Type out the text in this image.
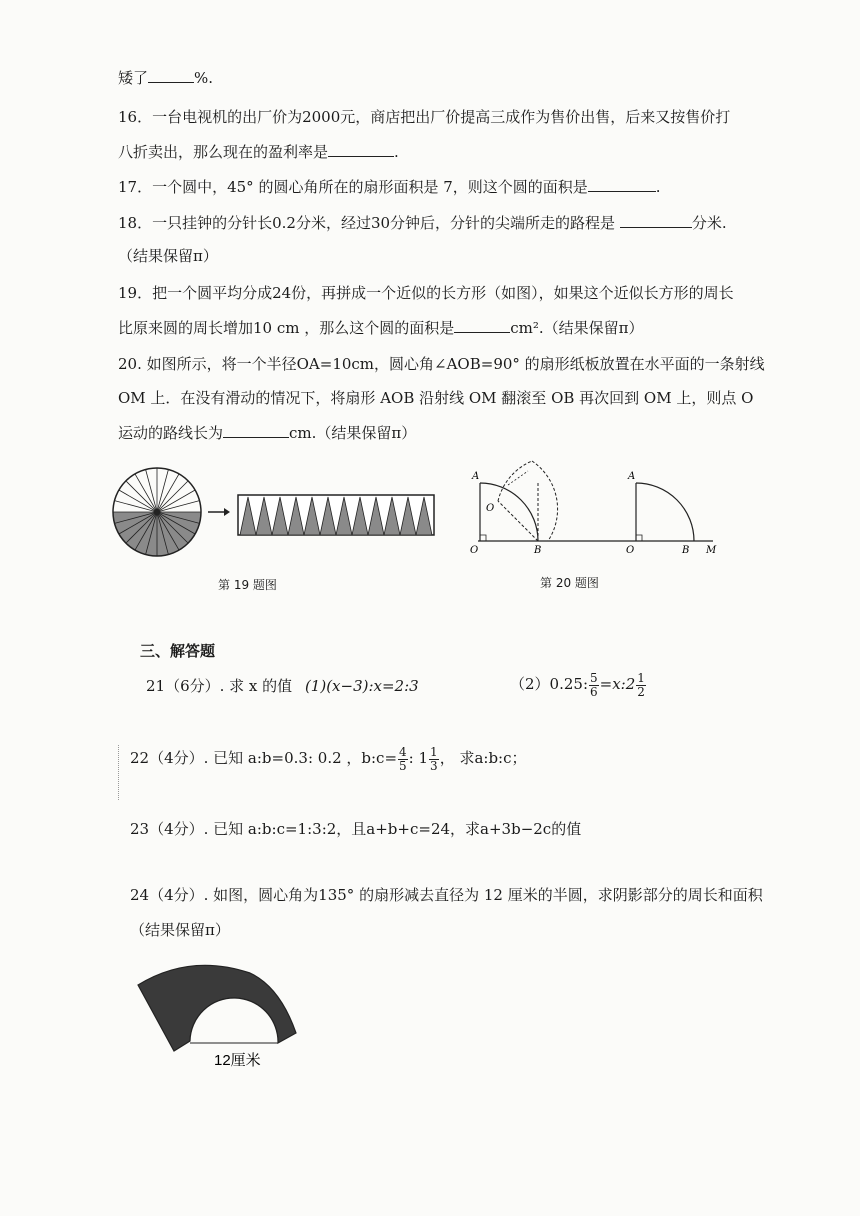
矮了	%.
16．一台电视机的出厂价为2000元，商店把出厂价提高三成作为售价出售，后来又按售价打
八折卖出，那么现在的盈利率是	.
17．一个圆中，45° 的圆心角所在的扇形面积是 7，则这个圆的面积是	.
18．一只挂钟的分针长0.2分米，经过30分钟后，分针的尖端所走的路程是	分米.
（结果保留π）
19．把一个圆平均分成24份，再拼成一个近似的长方形（如图），如果这个近似长方形的周长
比原来圆的周长增加10 cm ，那么这个圆的面积是	cm².（结果保留π）
20. 如图所示，将一个半径OA=10cm，圆心角∠AOB=90° 的扇形纸板放置在水平面的一条射线
OM 上．在没有滑动的情况下，将扇形 AOB 沿射线 OM 翻滚至 OB 再次回到 OM 上，则点 O
运动的路线长为	cm.（结果保留π）
第 19 题图
A
O	B
O
A
O	B M
第 20 题图
三、解答题
21（6分）. 求 x 的值 (1)(x−3):x=2:3	（2）0.25: $\frac{5}{6}$ =x:2 $\frac{1}{2}$
22（4分）. 已知 a:b=0.3: 0.2 ，b:c= $\frac{4}{5}$ : $1 \frac{1}{3}$ ， 求a:b:c；
23（4分）. 已知 a:b:c=1:3:2，且a+b+c=24，求a+3b−2c的值
24（4分）. 如图，圆心角为135° 的扇形减去直径为 12 厘米的半圆，求阴影部分的周长和面积
（结果保留π）
12厘米
